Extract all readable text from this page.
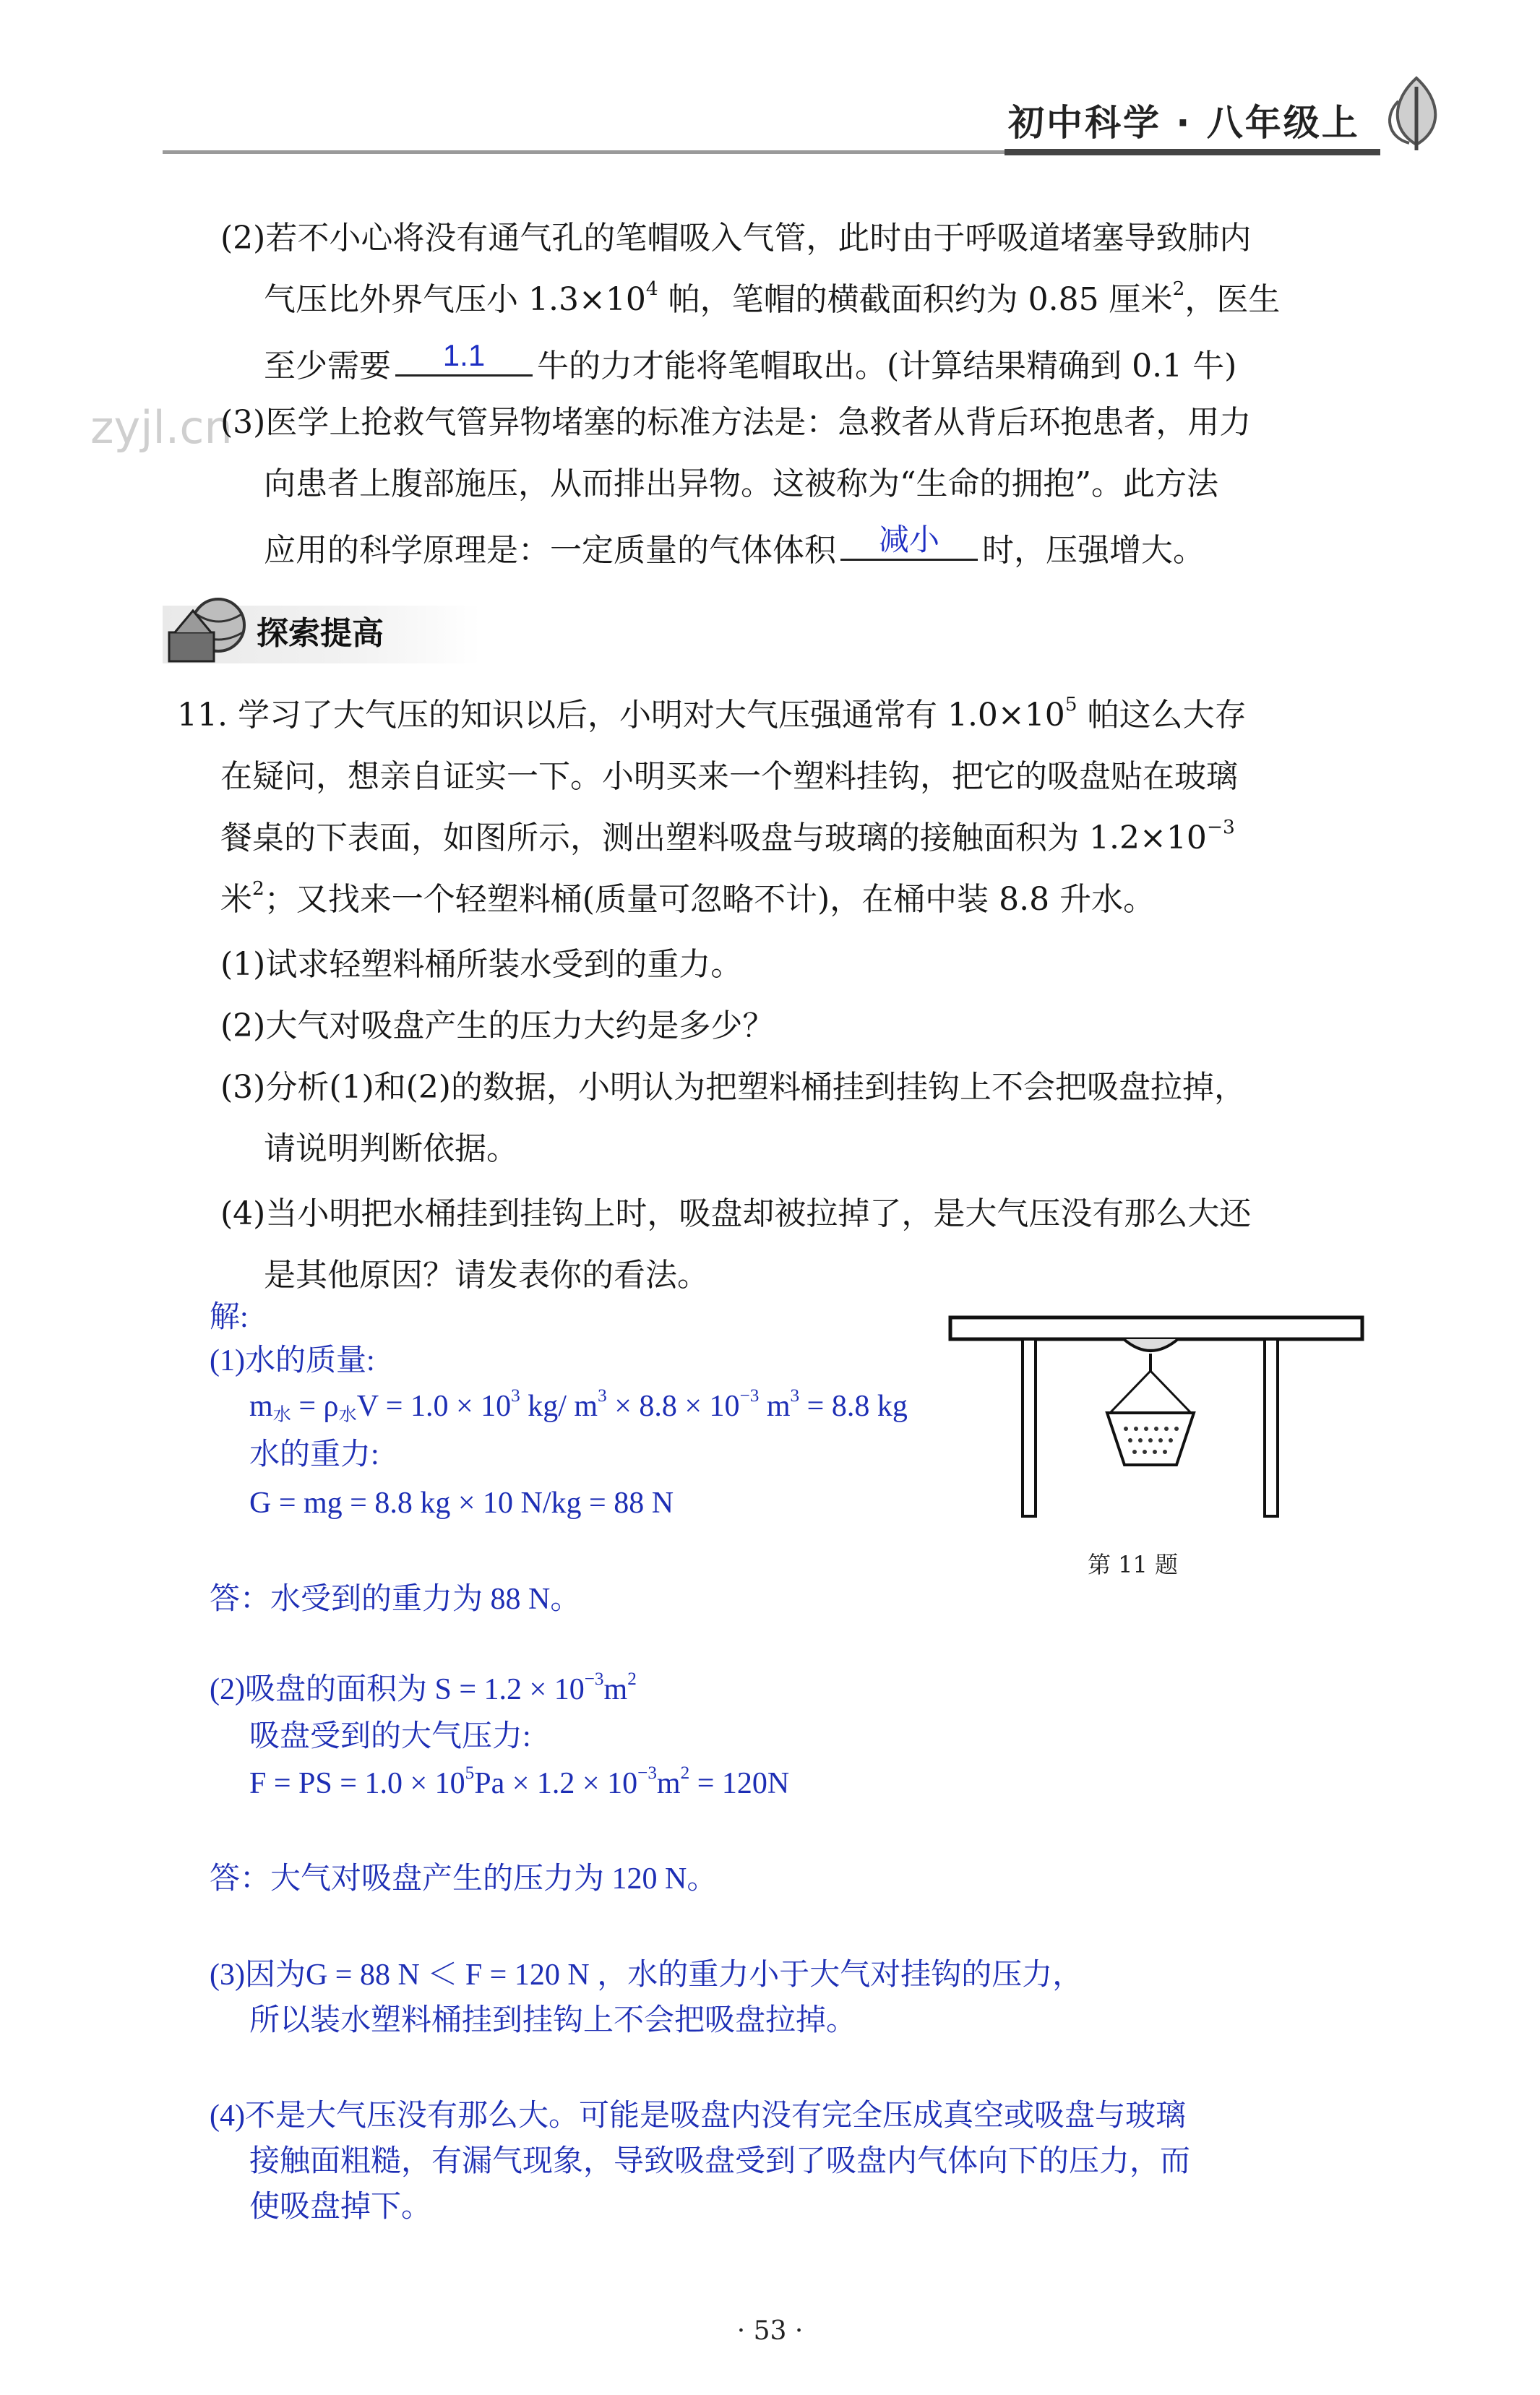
初中科学 · 八年级上
zyjl.cn
(2)若不小心将没有通气孔的笔帽吸入气管，此时由于呼吸道堵塞导致肺内
气压比外界气压小 $1.3\times 10^4$ 帕，笔帽的横截面积约为 0.85 厘米$^2$，医生
至少需要	1.1	牛的力才能将笔帽取出。(计算结果精确到 0.1 牛)
(3)医学上抢救气管异物堵塞的标准方法是：急救者从背后环抱患者，用力
向患者上腹部施压，从而排出异物。这被称为“生命的拥抱”。此方法
应用的科学原理是：一定质量的气体体积	减小	时，压强增大。
探索提高
11. 学习了大气压的知识以后，小明对大气压强通常有 $1.0\times 10^5$ 帕这么大存
在疑问，想亲自证实一下。小明买来一个塑料挂钩，把它的吸盘贴在玻璃
餐桌的下表面，如图所示，测出塑料吸盘与玻璃的接触面积为 $1.2\times 10^{-3}$
米$^2$；又找来一个轻塑料桶(质量可忽略不计)，在桶中装 8.8 升水。
(1)试求轻塑料桶所装水受到的重力。
(2)大气对吸盘产生的压力大约是多少？
(3)分析(1)和(2)的数据，小明认为把塑料桶挂到挂钩上不会把吸盘拉掉，
请说明判断依据。
(4)当小明把水桶挂到挂钩上时，吸盘却被拉掉了，是大气压没有那么大还
是其他原因？请发表你的看法。
第 11 题
解:
(1)水的质量:
$m_水 = \rho_水V = 1.0 \times 10^3$ kg/ $m^3 \times 8.8 \times 10^{-3}$ $m^3 = 8.8$ kg
水的重力:
G = mg = 8.8 kg × 10 N/kg = 88 N
答：水受到的重力为 88 N。
(2)吸盘的面积为 $S = 1.2 \times 10^{-3}m^2$
吸盘受到的大气压力:
F = PS = $1.0 \times 10^5Pa \times 1.2 \times 10^{-3}m^2 = 120N$
答：大气对吸盘产生的压力为 120 N。
(3)因为G = 88 N ＜ F = 120 N ，水的重力小于大气对挂钩的压力，
所以装水塑料桶挂到挂钩上不会把吸盘拉掉。
(4)不是大气压没有那么大。可能是吸盘内没有完全压成真空或吸盘与玻璃
接触面粗糙，有漏气现象，导致吸盘受到了吸盘内气体向下的压力，而
使吸盘掉下。
· 53 ·
